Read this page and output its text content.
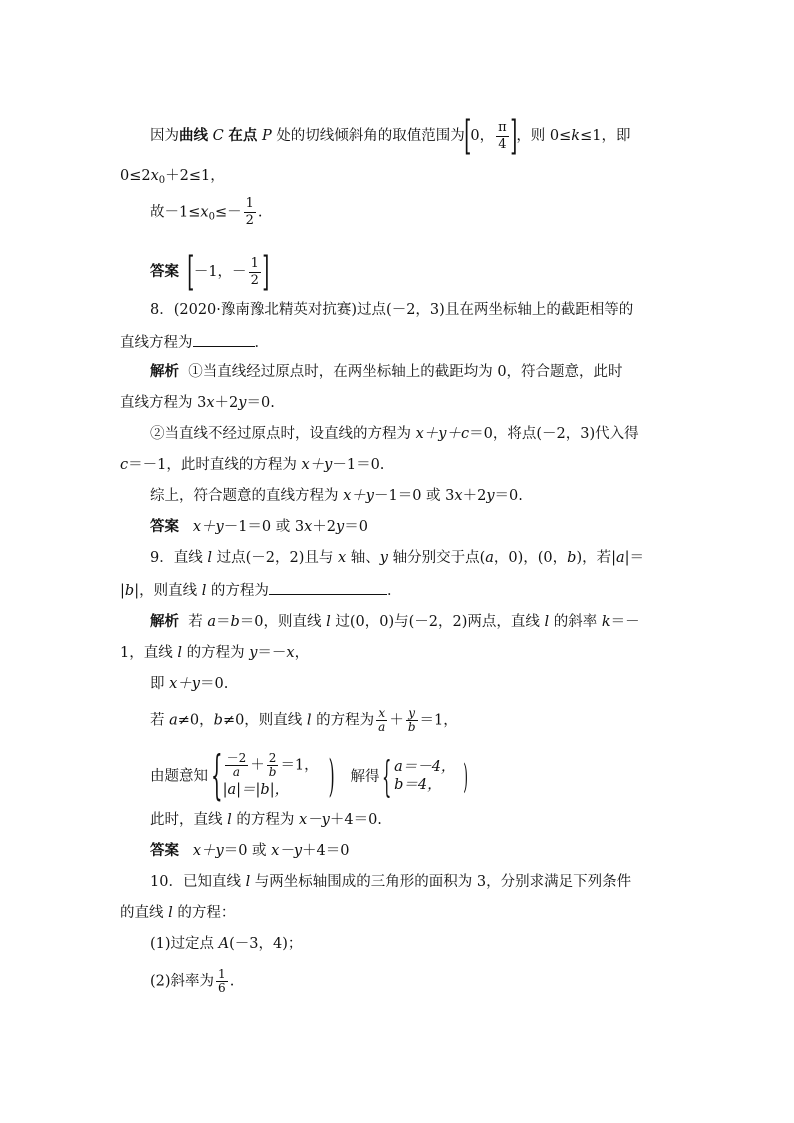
因为曲线 C 在点 P 处的切线倾斜角的取值范围为[0， $\frac{\pi}{4}$ ]，则 0≤k≤1，即
$0\le 2x_0+2\le 1$，
故$-1\le x_0\le- \frac{1}{2}$ .
答案 [－1，－ $\frac{1}{2}$ ]
8．(2020·豫南豫北精英对抗赛)过点(－2，3)且在两坐标轴上的截距相等的
直线方程为	．
解析 ①当直线经过原点时，在两坐标轴上的截距均为 0，符合题意，此时
直线方程为 3x＋2y＝0.
②当直线不经过原点时，设直线的方程为 x＋y＋c＝0，将点(－2，3)代入得
c＝－1，此时直线的方程为 x＋y－1＝0.
综上，符合题意的直线方程为 x＋y－1＝0 或 3x＋2y＝0.
答案 x＋y－1＝0 或 3x＋2y＝0
9．直线 l 过点(－2，2)且与 x 轴、y 轴分别交于点(a，0)，(0，b)，若|a|＝
|b|，则直线 l 的方程为	．
解析 若 a＝b＝0，则直线 l 过(0，0)与(－2，2)两点，直线 l 的斜率 k＝－
1，直线 l 的方程为 y＝－x，
即 x＋y＝0.
若 a≠0，b≠0，则直线 l 的方程为 $\frac{x}{a} + \frac{y}{b} =1$，
由题意知 { $\frac{-2}{a} + \frac{2}{b} =1$，
|a|＝|b|， ) 解得 { a＝－4，
b＝4， )
此时，直线 l 的方程为 x－y＋4＝0.
答案 x＋y＝0 或 x－y＋4＝0
10．已知直线 l 与两坐标轴围成的三角形的面积为 3，分别求满足下列条件
的直线 l 的方程：
(1)过定点 A(－3，4)；
(2)斜率为 $\frac{1}{6}$ .
